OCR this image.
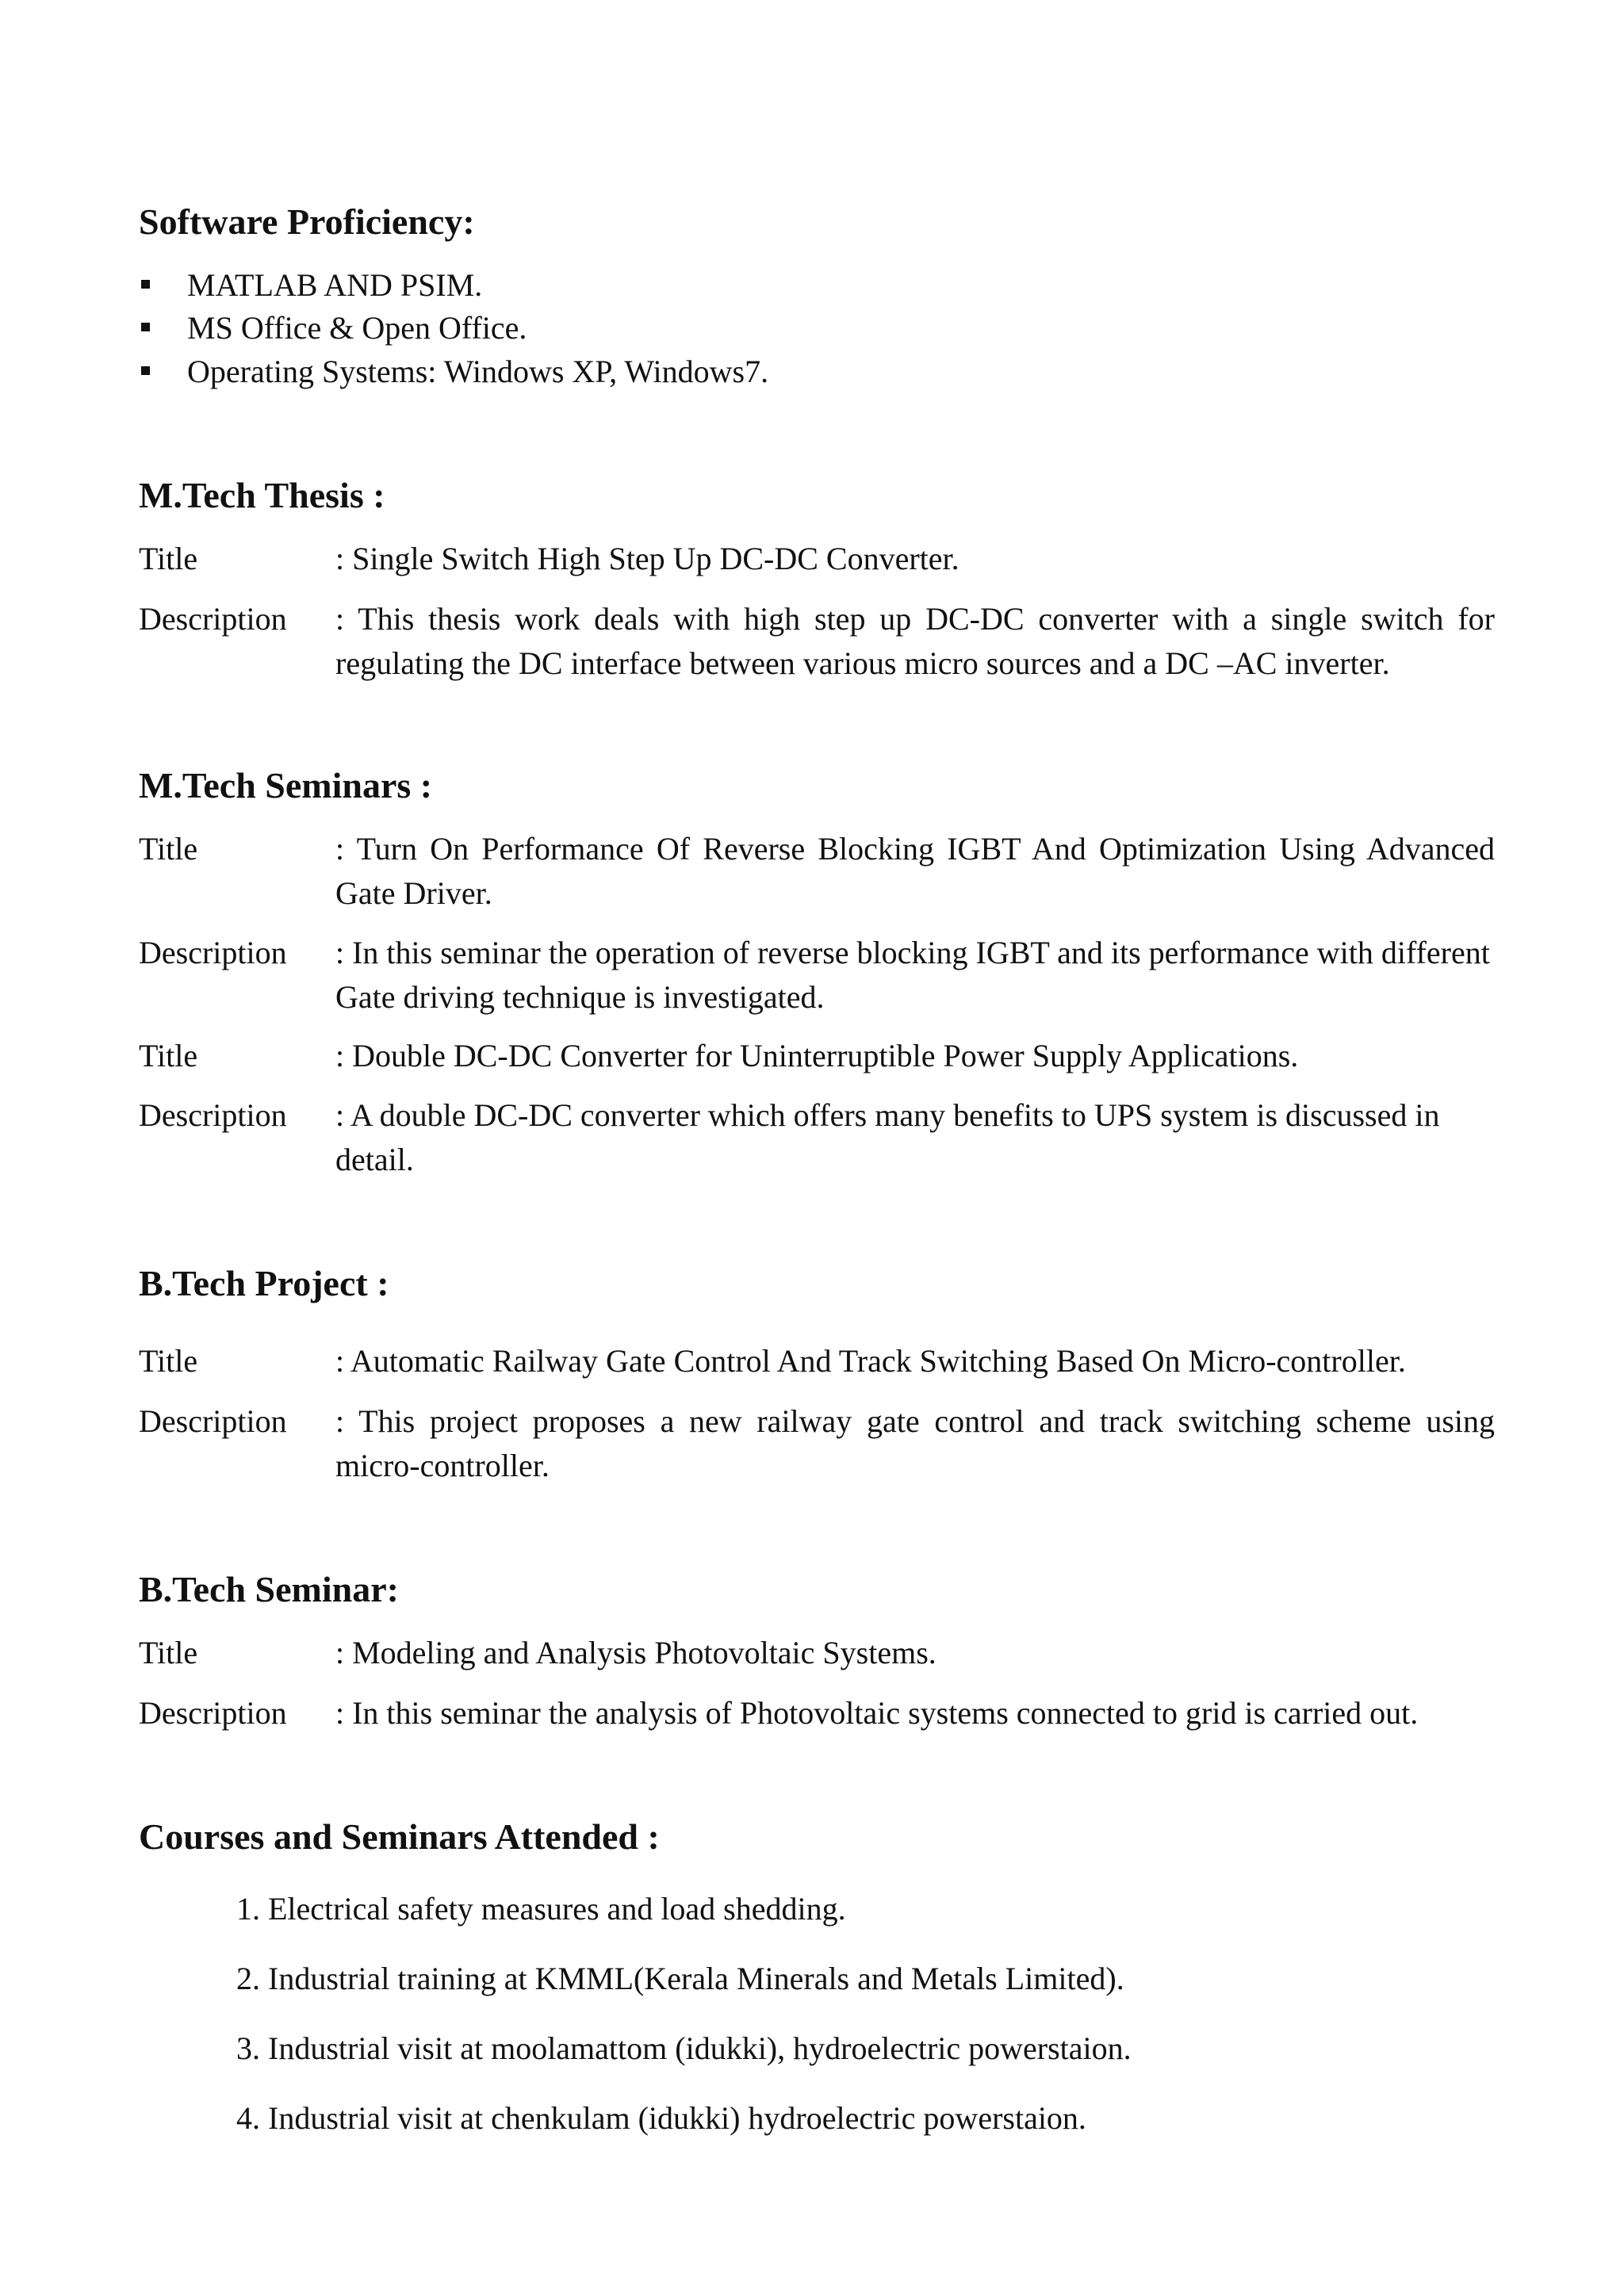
Software Proficiency:

MATLAB AND PSIM.

MS Office & Open Office.

Operating Systems: Windows XP, Windows7.

M.Tech Thesis :

Title	: Single Switch High Step Up DC-DC Converter.

Description : This thesis work deals with high step up DC-DC converter with a single switch for regulating the DC interface between various micro sources and a DC –AC inverter.

M.Tech Seminars :

Title	: Turn On Performance Of Reverse Blocking IGBT And Optimization Using Advanced Gate Driver.

Description : In this seminar the operation of reverse blocking IGBT and its performance with different Gate driving technique is investigated.

Title	: Double DC-DC Converter for Uninterruptible Power Supply Applications.

Description : A double DC-DC converter which offers many benefits to UPS system is discussed in detail.

B.Tech Project :

Title	: Automatic Railway Gate Control And Track Switching Based On Micro-controller.

Description : This project proposes a new railway gate control and track switching scheme using micro-controller.

B.Tech Seminar:

Title	: Modeling and Analysis Photovoltaic Systems.

Description : In this seminar the analysis of Photovoltaic systems connected to grid is carried out.

Courses and Seminars Attended :

1. Electrical safety measures and load shedding.

2. Industrial training at KMML(Kerala Minerals and Metals Limited).

3. Industrial visit at moolamattom (idukki), hydroelectric powerstaion.

4. Industrial visit at chenkulam (idukki) hydroelectric powerstaion.
